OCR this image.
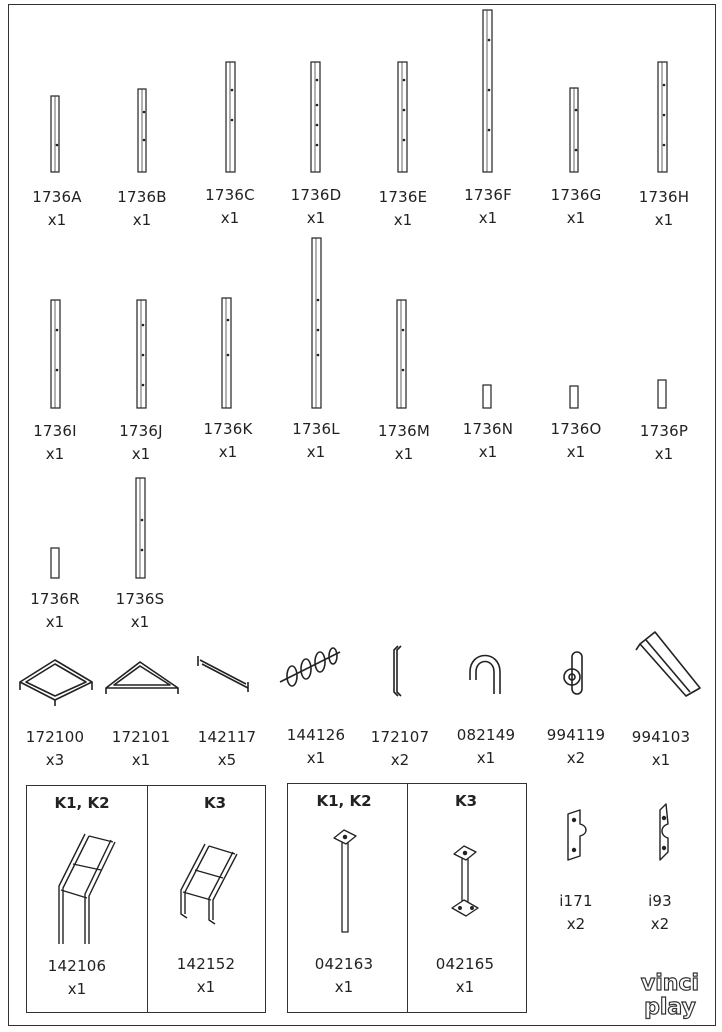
1736A
x1
1736B
x1
1736C
x1
1736D
x1
1736E
x1
1736F
x1
1736G
x1
1736H
x1
1736I
x1
1736J
x1
1736K
x1
1736L
x1
1736M
x1
1736N
x1
1736O
x1
1736P
x1
1736R
x1
1736S
x1
172100
x3
172101
x1
142117
x5
144126
x1
172107
x2
082149
x1
994119
x2
994103
x1
K1, K2	K3
142106
x1
142152
x1
K1, K2	K3
042163
x1
042165
x1
i171
x2
i93
x2
vinci
play
